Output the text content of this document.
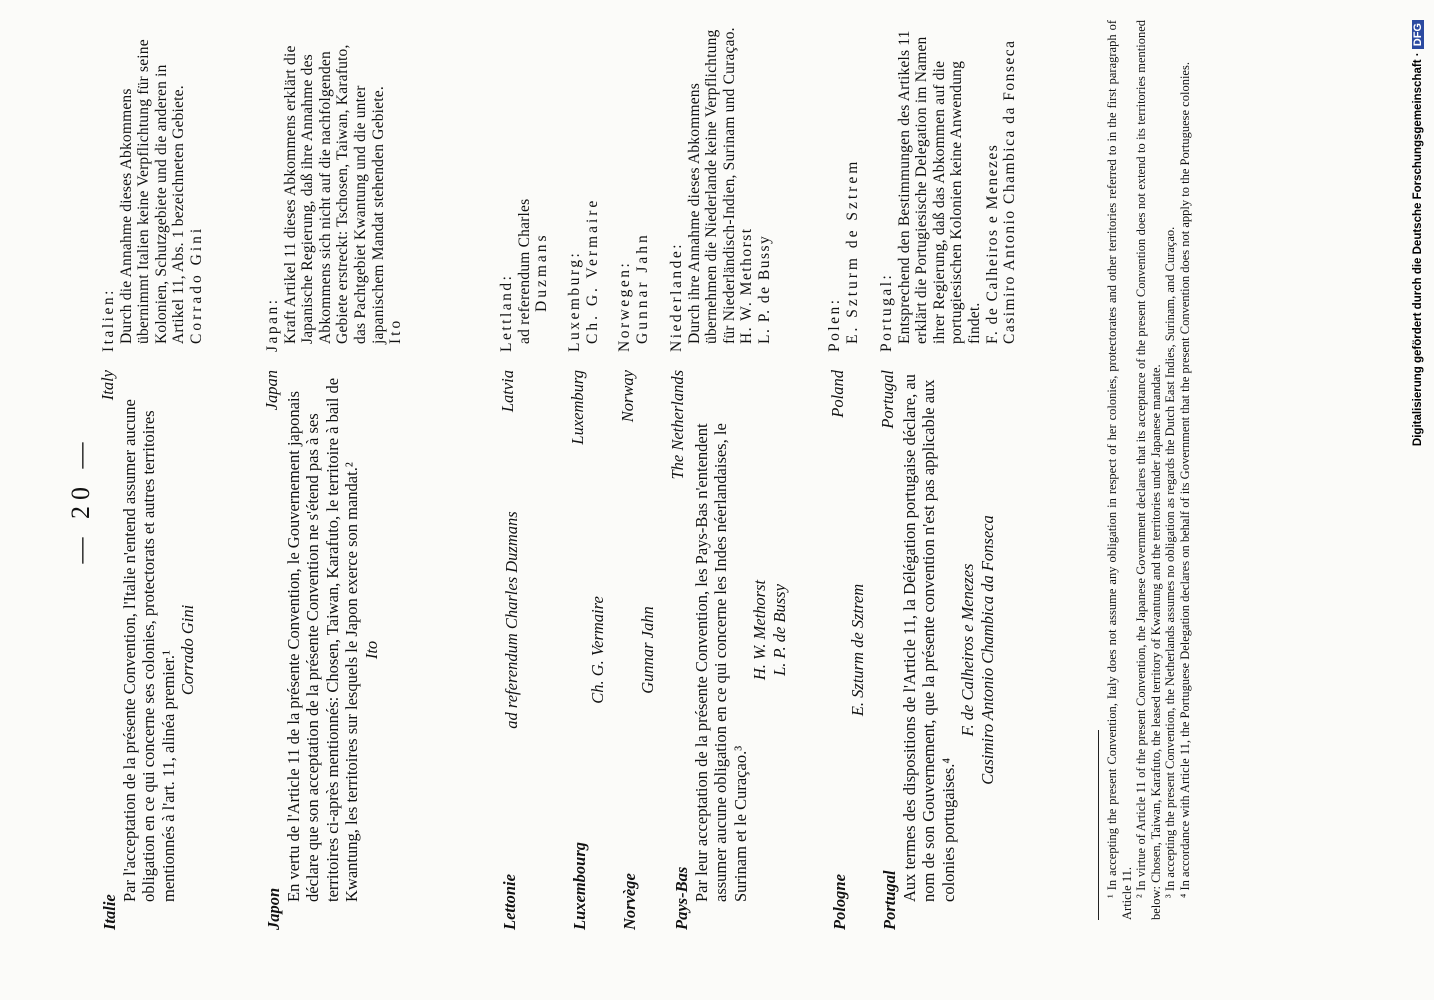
— 20 —
Italie
Par l'acceptation de la présente Convention, l'Italie n'entend assumer aucune obligation en ce qui concerne ses colonies, protectorats et autres territoires mentionnés à l'art. 11, alinéa premier.¹
Corrado Gini
Italy
Italien: Durch die Annahme dieses Abkommens übernimmt Italien keine Verpflichtung für seine Kolonien, Schutzgebiete und die anderen in Artikel 11, Abs. 1 bezeichneten Gebiete. Corrado Gini
Japon
En vertu de l'Article 11 de la présente Convention, le Gouvernement japonais déclare que son acceptation de la présente Convention ne s'étend pas à ses territoires ci-après mentionnés: Chosen, Taiwan, Karafuto, le territoire à bail de Kwantung, les territoires sur lesquels le Japon exerce son mandat.² Ito
Japan
Japan: Kraft Artikel 11 dieses Abkommens erklärt die Japanische Regierung, daß ihre Annahme des Abkommens sich nicht auf die nachfolgenden Gebiete erstreckt: Tschosen, Taiwan, Karafuto, das Pachtgebiet Kwantung und die unter japanischem Mandat stehenden Gebiete. Ito
Lettonie
ad referendum Charles Duzmans
Latvia
Lettland: ad referendum Charles Duzmans
Luxembourg
Ch. G. Vermaire
Luxemburg
Luxemburg: Ch. G. Vermaire
Norvège
Gunnar Jahn
Norway
Norwegen: Gunnar Jahn
Pays-Bas Par leur acceptation de la présente Convention, les Pays-Bas n'entendent assumer aucune obligation en ce qui concerne les Indes néerlandaises, le Surinam et le Curaçao.³
H. W. Methorst L. P. de Bussy
The Netherlands
Niederlande: Durch ihre Annahme dieses Abkommens übernehmen die Niederlande keine Verpflichtung für Niederländisch-Indien, Surinam und Curaçao. H. W. Methorst L. P. de Bussy
Pologne
E. Szturm de Sztrem
Poland
Polen: E. Szturm de Sztrem
Portugal Aux termes des dispositions de l'Article 11, la Délégation portugaise déclare, au nom de son Gouvernement, que la présente convention n'est pas applicable aux colonies portugaises.⁴
F. de Calheiros e Menezes Casimiro Antonio Chambica da Fonseca
Portugal
Portugal: Entsprechend den Bestimmungen des Artikels 11 erklärt die Portugiesische Delegation im Namen ihrer Regierung, daß das Abkommen auf die portugiesischen Kolonien keine Anwendung findet. F. de Calheiros e Menezes Casimiro Antonio Chambica da Fonseca	¹ In accepting the present Convention, Italy does not assume any obligation in respect of her colonies, protectorates and other territories referred to in the first paragraph of Article 11. ² In virtue of Article 11 of the present Convention, the Japanese Government declares that its acceptance of the present Convention does not extend to its territories mentioned below: Chosen, Taiwan, Karafuto, the leased territory of Kwantung and the territories under Japanese mandate. ³ In accepting the present Convention, the Netherlands assumes no obligation as regards the Dutch East Indies, Surinam, and Curaçao. ⁴ In accordance with Article 11, the Portuguese Delegation declares on behalf of its Government that the present Convention does not apply to the Portuguese colonies.	Digitalisierung gefördert durch die Deutsche Forschungsgemeinschaft · DFG
